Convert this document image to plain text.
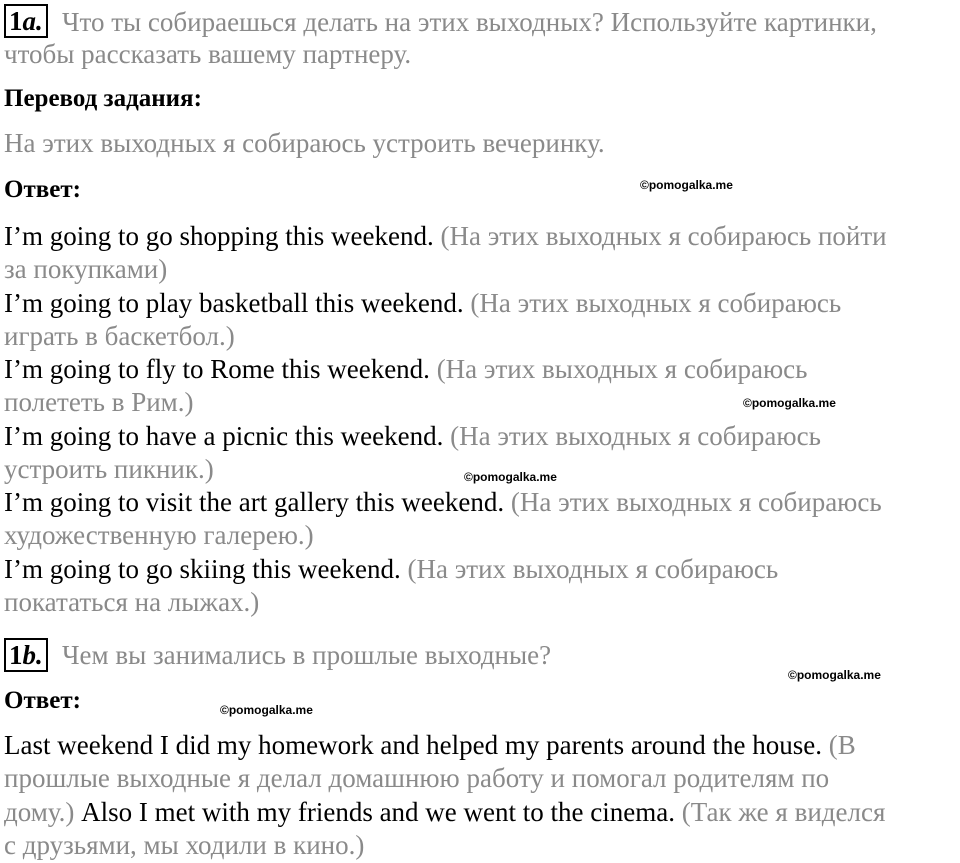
1a. Что ты собираешься делать на этих выходных? Используйте картинки,
чтобы рассказать вашему партнеру.
Перевод задания:
На этих выходных я собираюсь устроить вечеринку.
Ответ:	©pomogalka.me
I’m going to go shopping this weekend. (На этих выходных я собираюсь пойти
за покупками)
I’m going to play basketball this weekend. (На этих выходных я собираюсь
играть в баскетбол.)
I’m going to fly to Rome this weekend. (На этих выходных я собираюсь
полететь в Рим.)	©pomogalka.me
I’m going to have a picnic this weekend. (На этих выходных я собираюсь
устроить пикник.)	©pomogalka.me
I’m going to visit the art gallery this weekend. (На этих выходных я собираюсь
художественную галерею.)
I’m going to go skiing this weekend. (На этих выходных я собираюсь
покататься на лыжах.)
1b. Чем вы занимались в прошлые выходные?
©pomogalka.me
Ответ:	©pomogalka.me
Last weekend I did my homework and helped my parents around the house. (В
прошлые выходные я делал домашнюю работу и помогал родителям по
дому.) Also I met with my friends and we went to the cinema. (Так же я виделся
с друзьями, мы ходили в кино.)
